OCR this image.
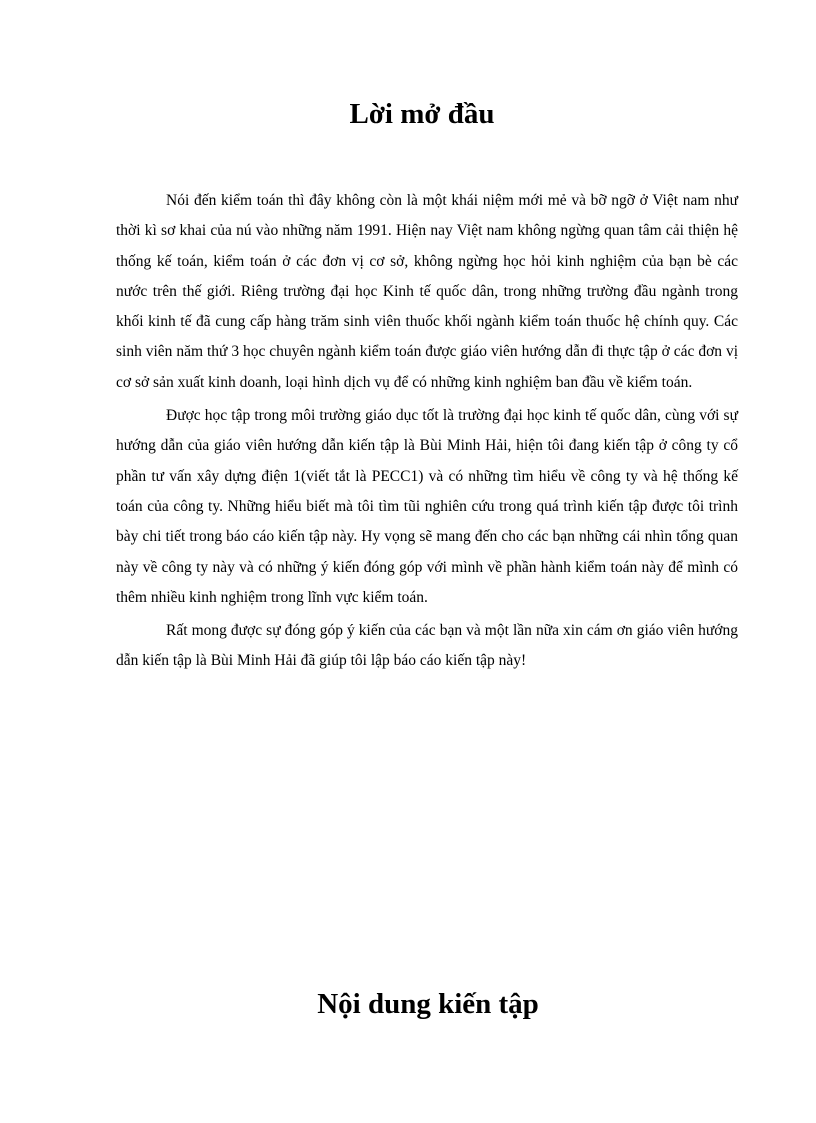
Lời mở đầu

Nói đến kiểm toán thì đây không còn là một khái niệm mới mẻ và bỡ ngỡ ở Việt nam như thời kì sơ khai của nú vào những năm 1991. Hiện nay Việt nam không ngừng quan tâm cải thiện hệ thống kế toán, kiểm toán ở các đơn vị cơ sở, không ngừng học hỏi kinh nghiệm của bạn bè các nước trên thế giới. Riêng trường đại học Kinh tế quốc dân, trong những trường đầu ngành trong khối kinh tế đã cung cấp hàng trăm sinh viên thuốc khối ngành kiểm toán thuốc hệ chính quy. Các sinh viên năm thứ 3 học chuyên ngành kiểm toán được giáo viên hướng dẫn đi thực tập ở các đơn vị cơ sở sản xuất kinh doanh, loại hình dịch vụ để có những kinh nghiệm ban đầu về kiểm toán.

Được học tập trong môi trường giáo dục tốt là trường đại học kinh tế quốc dân, cùng với sự hướng dẫn của giáo viên hướng dẫn kiến tập là Bùi Minh Hải, hiện tôi đang kiến tập ở công ty cổ phần tư vấn xây dựng điện 1(viết tắt là PECC1) và có những tìm hiểu về công ty và hệ thống kế toán của công ty. Những hiểu biết mà tôi tìm tũi nghiên cứu trong quá trình kiến tập được tôi trình bày chi tiết trong báo cáo kiến tập này. Hy vọng sẽ mang đến cho các bạn những cái nhìn tổng quan này về công ty này và có những ý kiến đóng góp với mình về phần hành kiểm toán này để mình có thêm nhiều kinh nghiệm trong lĩnh vực kiểm toán.

Rất mong được sự đóng góp ý kiến của các bạn và một lần nữa xin cám ơn giáo viên hướng dẫn kiến tập là Bùi Minh Hải đã giúp tôi lập báo cáo kiến tập này!

Nội dung kiến tập
